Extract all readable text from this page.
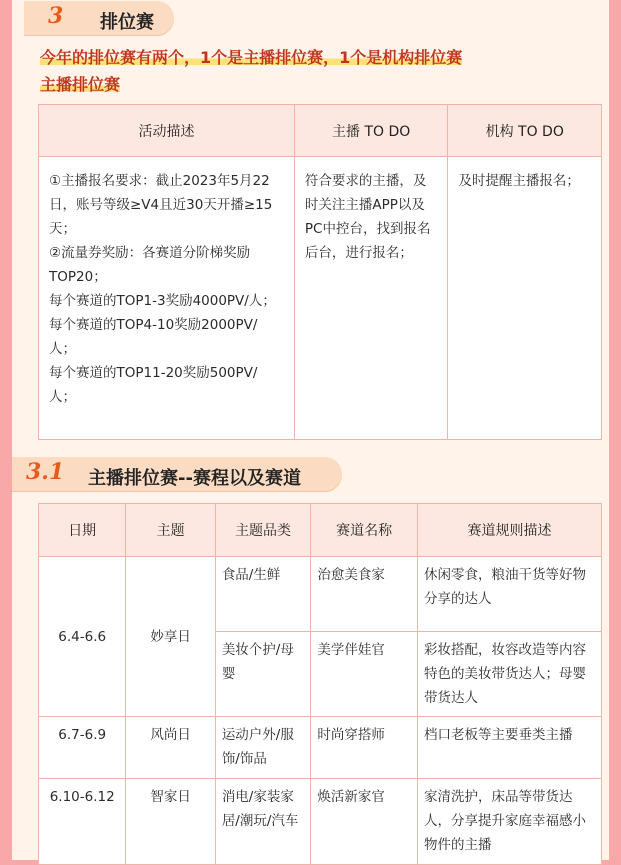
3 排位赛
今年的排位赛有两个，1个是主播排位赛，1个是机构排位赛
主播排位赛
活动描述	主播 TO DO	机构 TO DO

①主播报名要求：截止2023年5月22日，账号等级≥V4且近30天开播≥15天；
②流量券奖励：各赛道分阶梯奖励TOP20；
每个赛道的TOP1-3奖励4000PV/人；
每个赛道的TOP4-10奖励2000PV/人；
每个赛道的TOP11-20奖励500PV/人；	符合要求的主播，及时关注主播APP以及PC中控台，找到报名后台，进行报名；	及时提醒主播报名；
3.1 主播排位赛--赛程以及赛道
日期	主题	主题品类	赛道名称	赛道规则描述
6.4-6.6	妙享日	食品/生鲜	治愈美食家	休闲零食，粮油干货等好物分享的达人
		美妆个护/母婴	美学伴娃官	彩妆搭配，妆容改造等内容特色的美妆带货达人；母婴带货达人
6.7-6.9	风尚日	运动户外/服饰/饰品	时尚穿搭师	档口老板等主要垂类主播
6.10-6.12	智家日	消电/家装家居/潮玩/汽车	焕活新家官	家清洗护，床品等带货达人，分享提升家庭幸福感小物件的主播
